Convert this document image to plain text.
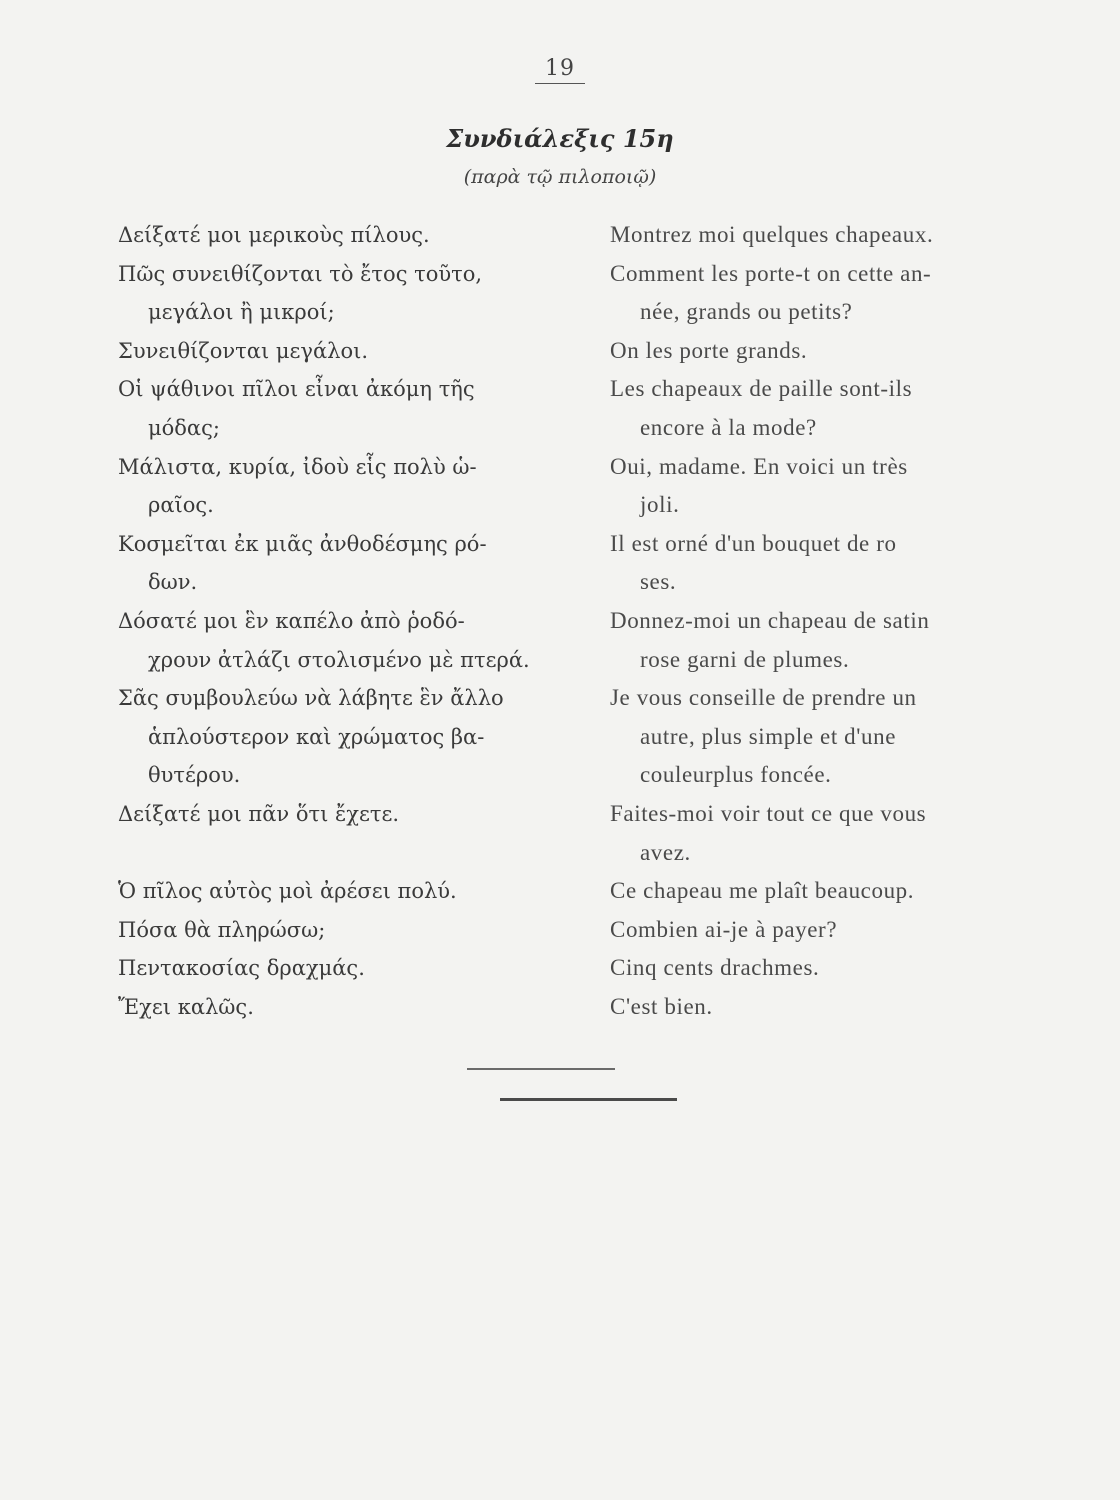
19
Συνδιάλεξις 15η
(παρὰ τῷ πιλοποιῷ)
Δείξατέ μοι μερικοὺς πίλους.
Πῶς συνειθίζονται τὸ ἔτος τοῦτο,
μεγάλοι ἢ μικροί;
Συνειθίζονται μεγάλοι.
Οἱ ψάθινοι πῖλοι εἶναι ἀκόμη τῆς
μόδας;
Μάλιστα, κυρία, ἰδοὺ εἷς πολὺ ὡ-
ραῖος.
Κοσμεῖται ἐκ μιᾶς ἀνθοδέσμης ρό-
δων.
Δόσατέ μοι ἓν καπέλο ἀπὸ ῥοδό-
χρουν ἀτλάζι στολισμένο μὲ πτερά.
Σᾶς συμβουλεύω νὰ λάβητε ἓν ἄλλο
ἁπλούστερον καὶ χρώματος βα-
θυτέρου.
Δείξατέ μοι πᾶν ὅτι ἔχετε.
Ὁ πῖλος αὐτὸς μοὶ ἀρέσει πολύ.
Πόσα θὰ πληρώσω;
Πεντακοσίας δραχμάς.
Ἔχει καλῶς.
Montrez moi quelques chapeaux.
Comment les porte-t on cette an-
née, grands ou petits?
On les porte grands.
Les chapeaux de paille sont-ils
encore à la mode?
Oui, madame. En voici un très
joli.
Il est orné d'un bouquet de ro
ses.
Donnez-moi un chapeau de satin
rose garni de plumes.
Je vous conseille de prendre un
autre, plus simple et d'une
couleurplus foncée.
Faites-moi voir tout ce que vous
avez.
Ce chapeau me plaît beaucoup.
Combien ai-je à payer?
Cinq cents drachmes.
C'est bien.
